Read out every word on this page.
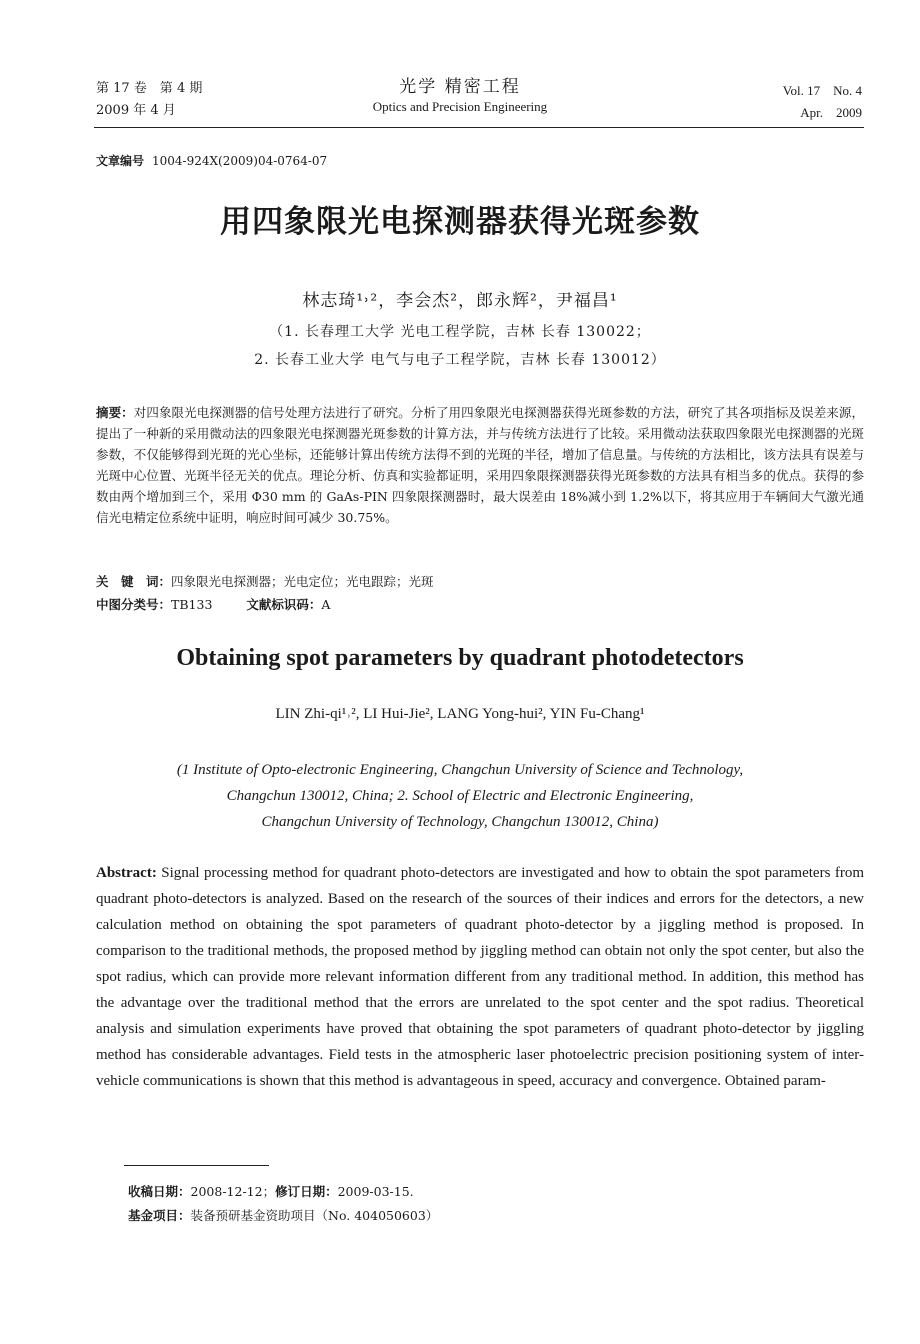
第 17 卷　第 4 期
2009 年 4 月
光学 精密工程
Optics and Precision Engineering
Vol. 17　No. 4
Apr.　2009
文章编号 1004-924X(2009)04-0764-07
用四象限光电探测器获得光斑参数
林志琦¹˒²，李会杰²，郎永辉²，尹福昌¹
（1. 长春理工大学 光电工程学院，吉林 长春 130022；
2. 长春工业大学 电气与电子工程学院，吉林 长春 130012）
摘要：对四象限光电探测器的信号处理方法进行了研究。分析了用四象限光电探测器获得光斑参数的方法，研究了其各项指标及误差来源，提出了一种新的采用微动法的四象限光电探测器光斑参数的计算方法，并与传统方法进行了比较。采用微动法获取四象限光电探测器的光斑参数，不仅能够得到光斑的光心坐标，还能够计算出传统方法得不到的光斑的半径，增加了信息量。与传统的方法相比，该方法具有误差与光斑中心位置、光斑半径无关的优点。理论分析、仿真和实验都证明，采用四象限探测器获得光斑参数的方法具有相当多的优点。获得的参数由两个增加到三个，采用 Φ30 mm 的 GaAs-PIN 四象限探测器时，最大误差由 18%减小到 1.2%以下，将其应用于车辆间大气激光通信光电精定位系统中证明，响应时间可减少 30.75%。
关　键　词：四象限光电探测器；光电定位；光电跟踪；光斑
中图分类号：TB133	文献标识码：A
Obtaining spot parameters by quadrant photodetectors
LIN Zhi-qi¹˒², LI Hui-Jie², LANG Yong-hui², YIN Fu-Chang¹
(1 Institute of Opto-electronic Engineering, Changchun University of Science and Technology,
Changchun 130012, China; 2. School of Electric and Electronic Engineering,
Changchun University of Technology, Changchun 130012, China)
Abstract: Signal processing method for quadrant photo-detectors are investigated and how to obtain the spot parameters from quadrant photo-detectors is analyzed. Based on the research of the sources of their indices and errors for the detectors, a new calculation method on obtaining the spot parameters of quadrant photo-detector by a jiggling method is proposed. In comparison to the traditional methods, the proposed method by jiggling method can obtain not only the spot center, but also the spot radius, which can provide more relevant information different from any traditional method. In addition, this method has the advantage over the traditional method that the errors are unrelated to the spot center and the spot radius. Theoretical analysis and simulation experiments have proved that obtaining the spot parameters of quadrant photo-detector by jiggling method has considerable advantages. Field tests in the atmospheric laser photoelectric precision positioning system of inter-vehicle communications is shown that this method is advantageous in speed, accuracy and convergence. Obtained param-
收稿日期：2008-12-12；修订日期：2009-03-15.
基金项目：装备预研基金资助项目（No. 404050603）
